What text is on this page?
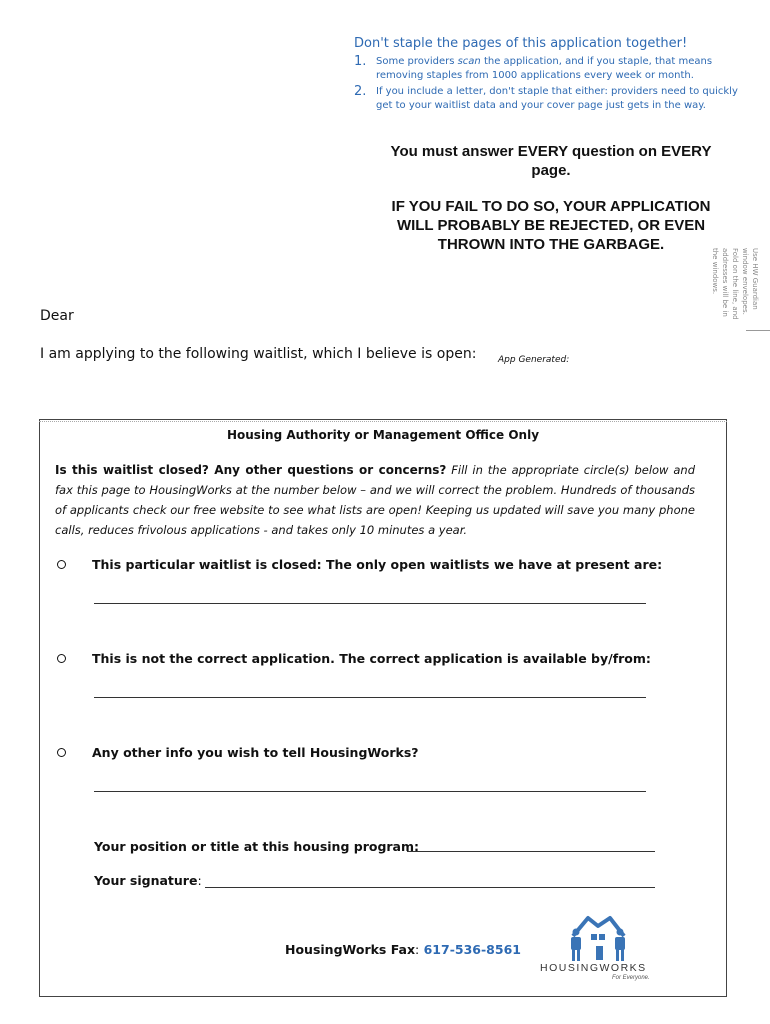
Don't staple the pages of this application together!
1. Some providers scan the application, and if you staple, that means removing staples from 1000 applications every week or month.
2. If you include a letter, don't staple that either: providers need to quickly get to your waitlist data and your cover page just gets in the way.
You must answer EVERY question on EVERY page.
IF YOU FAIL TO DO SO, YOUR APPLICATION WILL PROBABLY BE REJECTED, OR EVEN THROWN INTO THE GARBAGE.
Use HW Guardian window envelopes. Fold on the line, and addresses will be in the windows.
Dear
I am applying to the following waitlist, which I believe is open: App Generated:
Housing Authority or Management Office Only
Is this waitlist closed? Any other questions or concerns? Fill in the appropriate circle(s) below and fax this page to HousingWorks at the number below – and we will correct the problem. Hundreds of thousands of applicants check our free website to see what lists are open! Keeping us updated will save you many phone calls, reduces frivolous applications - and takes only 10 minutes a year.
This particular waitlist is closed: The only open waitlists we have at present are:
This is not the correct application. The correct application is available by/from:
Any other info you wish to tell HousingWorks?
Your position or title at this housing program:
Your signature:
HousingWorks Fax: 617-536-8561
HOUSINGWORKS
For Everyone.
